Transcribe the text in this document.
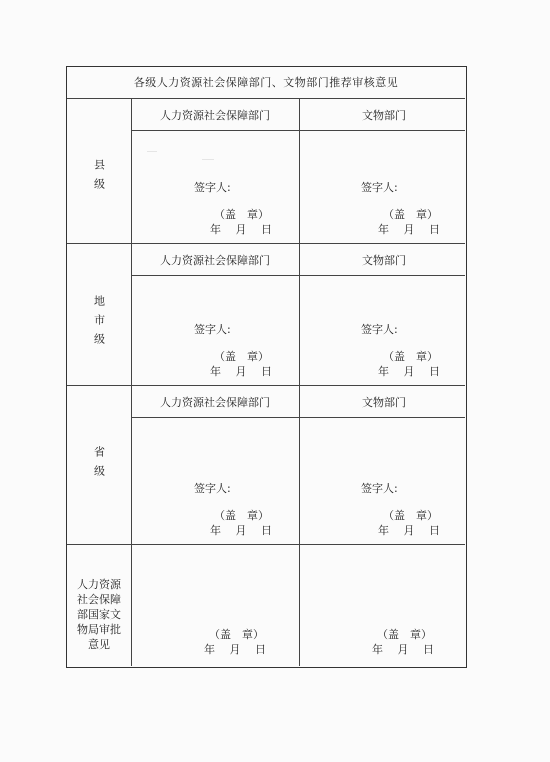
各级人力资源社会保障部门、文物部门推荐审核意见
人力资源社会保障部门	文物部门
县级	签字人:	签字人:
（盖　章）	（盖　章）
年　 月　 日	年　 月　 日
人力资源社会保障部门	文物部门
地市级	签字人:	签字人:
（盖　章）	（盖　章）
年　 月　 日	年　 月　 日
人力资源社会保障部门	文物部门
省级
签字人:	签字人:
（盖　章）	（盖　章）
年　 月　 日	年　 月　 日
人力资源社会保障部国家文物局审批意见
（盖　章）	（盖　章）
年　 月　 日	年　 月　 日
